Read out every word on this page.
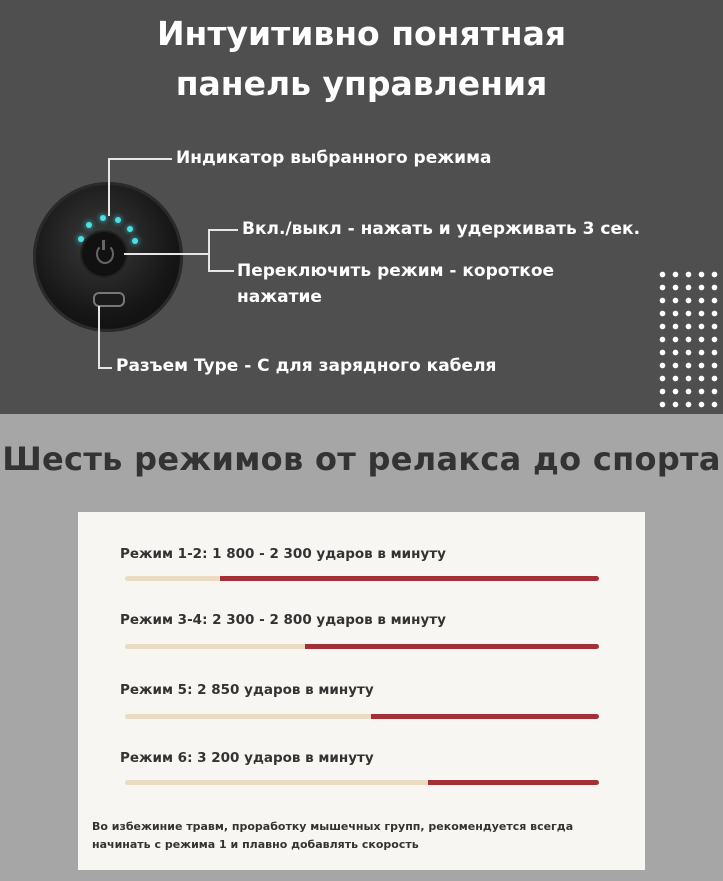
Интуитивно понятная
панель управления
Индикатор выбранного режима
Вкл./выкл - нажать и удерживать 3 сек.
Переключить режим - короткое
нажатие
Разъем Type - C для зарядного кабеля
Шесть режимов от релакса до спорта
Режим 1-2: 1 800 - 2 300 ударов в минуту
Режим 3-4: 2 300 - 2 800 ударов в минуту
Режим 5: 2 850 ударов в минуту
Режим 6: 3 200 ударов в минуту
Во избежиние травм, проработку мышечных групп, рекомендуется всегда
начинать с режима 1 и плавно добавлять скорость
